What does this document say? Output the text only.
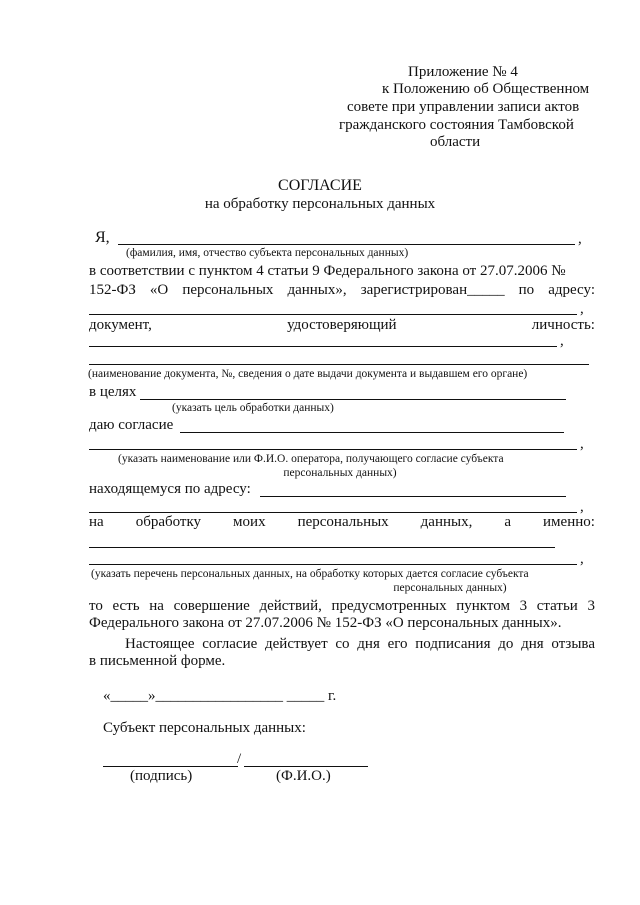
Приложение № 4
к Положению об Общественном
совете при управлении записи актов
гражданского состояния Тамбовской
области
СОГЛАСИЕ
на обработку персональных данных
Я,	,
(фамилия, имя, отчество субъекта персональных данных)
в соответствии с пунктом 4 статьи 9 Федерального закона от 27.07.2006 №
152-ФЗ «О персональных данных», зарегистрирован_____ по адресу:
,
документ,	удостоверяющий	личность:
,
(наименование документа, №, сведения о дате выдачи документа и выдавшем его органе)
в целях
(указать цель обработки данных)
даю согласие
,
(указать наименование или Ф.И.О. оператора, получающего согласие субъекта
персональных данных)
находящемуся по адресу:
,
на обработку моих персональных данных, а именно:
,
(указать перечень персональных данных, на обработку которых дается согласие субъекта
персональных данных)
то есть на совершение действий, предусмотренных пунктом 3 статьи 3
Федерального закона от 27.07.2006 № 152-ФЗ «О персональных данных».
Настоящее согласие действует со дня его подписания до дня отзыва
в письменной форме.
«_____»_________________ _____ г.
Субъект персональных данных:
/
(подпись)	(Ф.И.О.)
